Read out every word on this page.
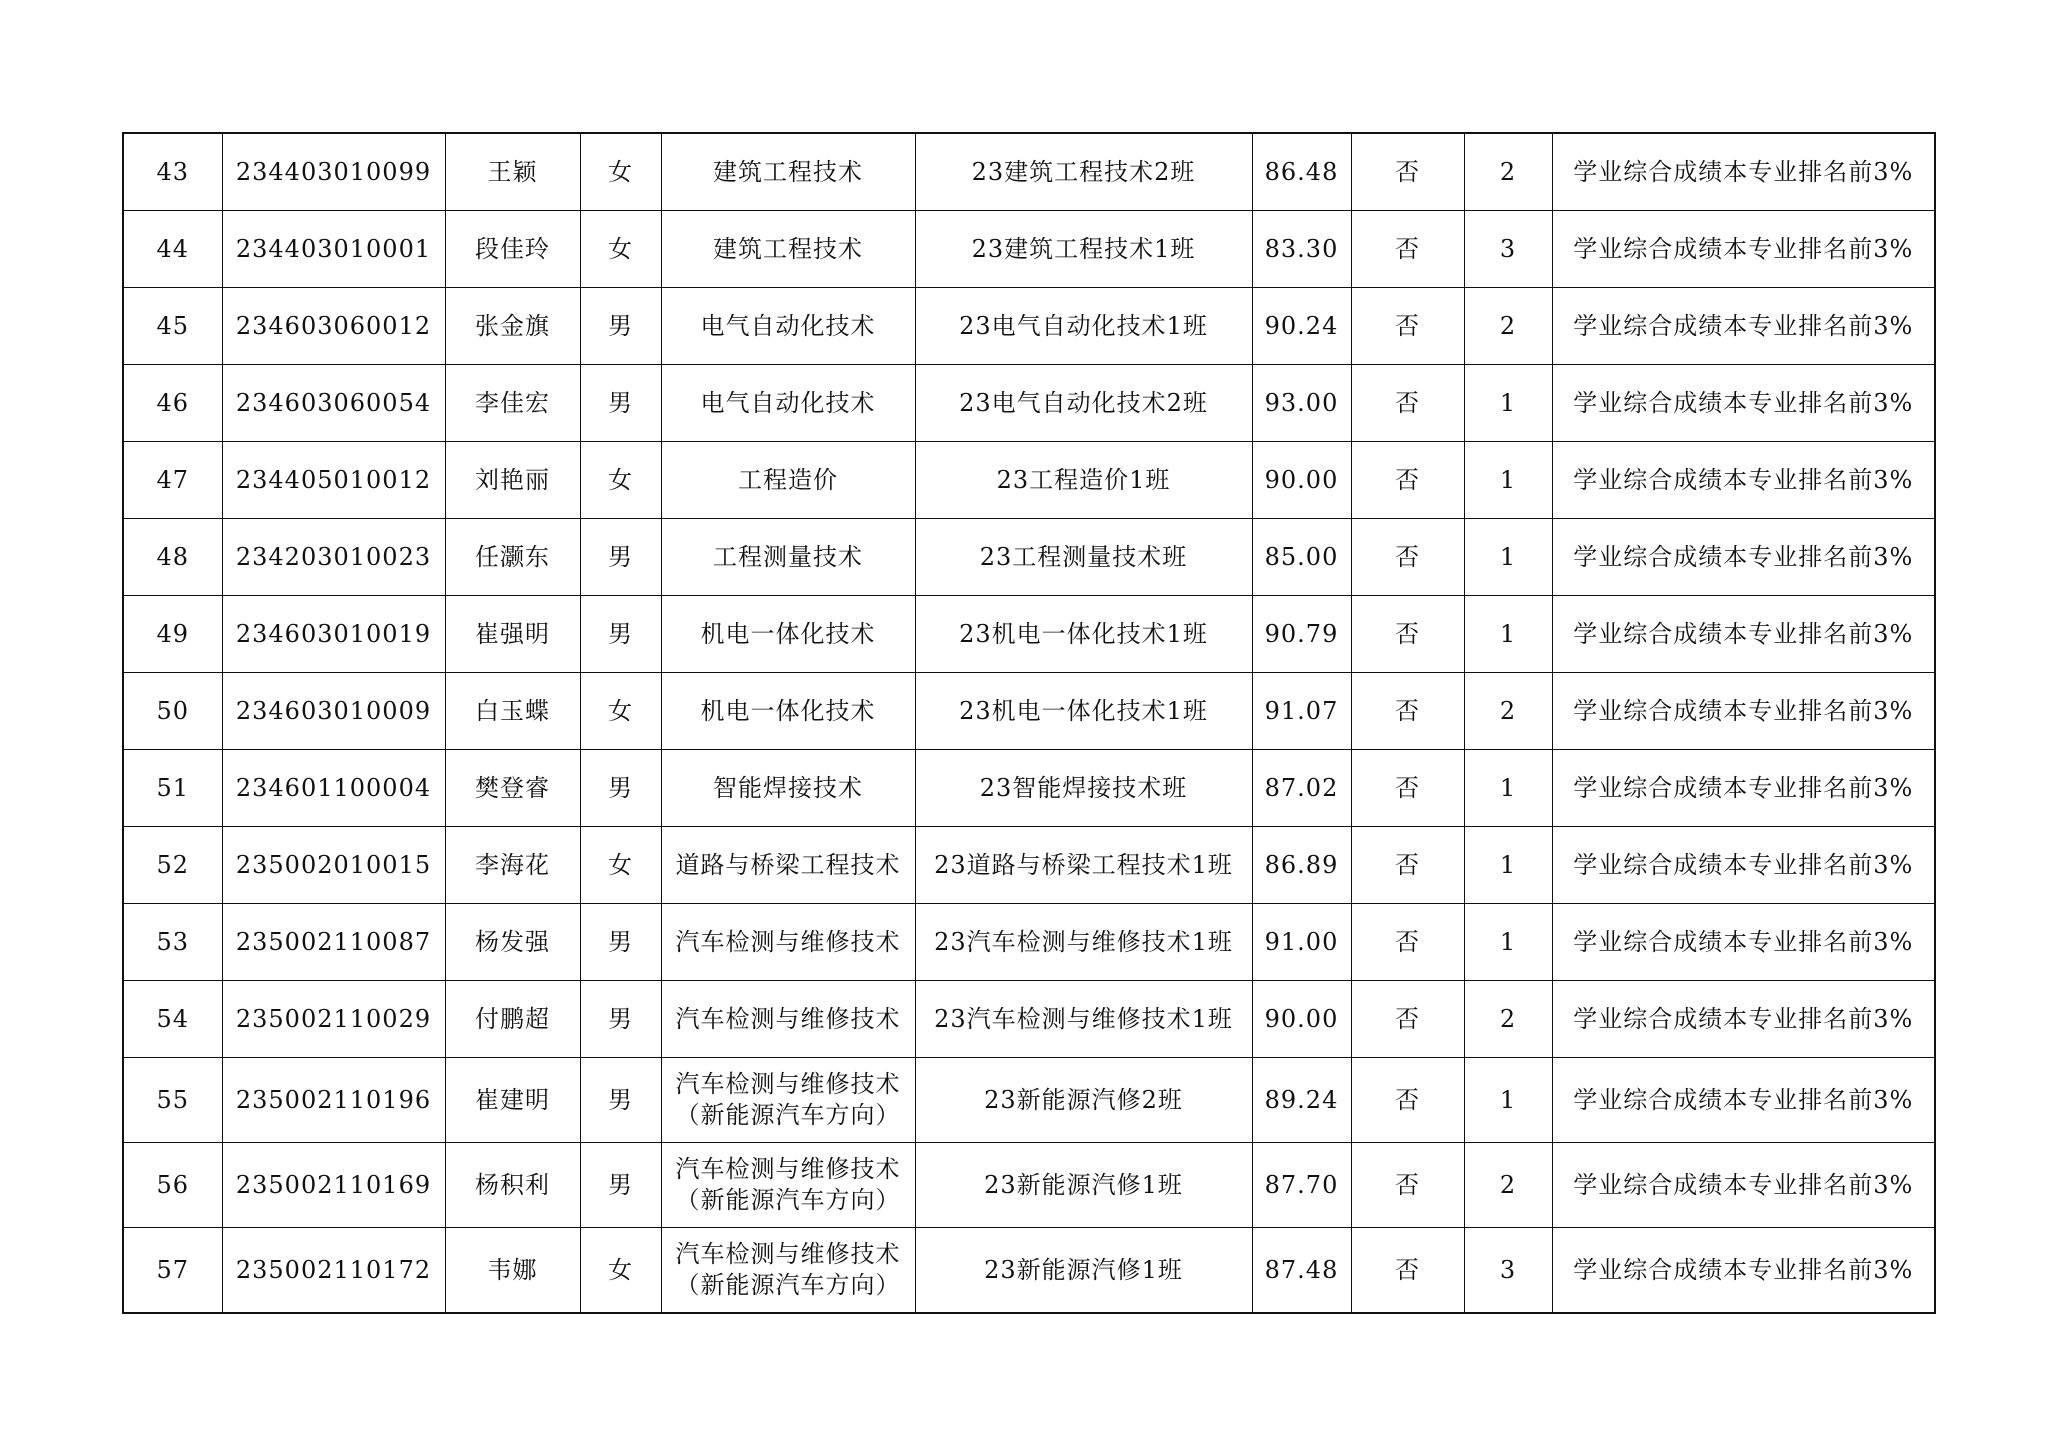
43	234403010099	王颖	女	建筑工程技术	23建筑工程技术2班	86.48	否	2	学业综合成绩本专业排名前3%
44	234403010001	段佳玲	女	建筑工程技术	23建筑工程技术1班	83.30	否	3	学业综合成绩本专业排名前3%
45	234603060012	张金旗	男	电气自动化技术	23电气自动化技术1班	90.24	否	2	学业综合成绩本专业排名前3%
46	234603060054	李佳宏	男	电气自动化技术	23电气自动化技术2班	93.00	否	1	学业综合成绩本专业排名前3%
47	234405010012	刘艳丽	女	工程造价	23工程造价1班	90.00	否	1	学业综合成绩本专业排名前3%
48	234203010023	任灏东	男	工程测量技术	23工程测量技术班	85.00	否	1	学业综合成绩本专业排名前3%
49	234603010019	崔强明	男	机电一体化技术	23机电一体化技术1班	90.79	否	1	学业综合成绩本专业排名前3%
50	234603010009	白玉蝶	女	机电一体化技术	23机电一体化技术1班	91.07	否	2	学业综合成绩本专业排名前3%
51	234601100004	樊登睿	男	智能焊接技术	23智能焊接技术班	87.02	否	1	学业综合成绩本专业排名前3%
52	235002010015	李海花	女	道路与桥梁工程技术	23道路与桥梁工程技术1班	86.89	否	1	学业综合成绩本专业排名前3%
53	235002110087	杨发强	男	汽车检测与维修技术	23汽车检测与维修技术1班	91.00	否	1	学业综合成绩本专业排名前3%
54	235002110029	付鹏超	男	汽车检测与维修技术	23汽车检测与维修技术1班	90.00	否	2	学业综合成绩本专业排名前3%
55	235002110196	崔建明	男	汽车检测与维修技术
（新能源汽车方向）	23新能源汽修2班	89.24	否	1	学业综合成绩本专业排名前3%
56	235002110169	杨积利	男	汽车检测与维修技术
（新能源汽车方向）	23新能源汽修1班	87.70	否	2	学业综合成绩本专业排名前3%
57	235002110172	韦娜	女	汽车检测与维修技术
（新能源汽车方向）	23新能源汽修1班	87.48	否	3	学业综合成绩本专业排名前3%
